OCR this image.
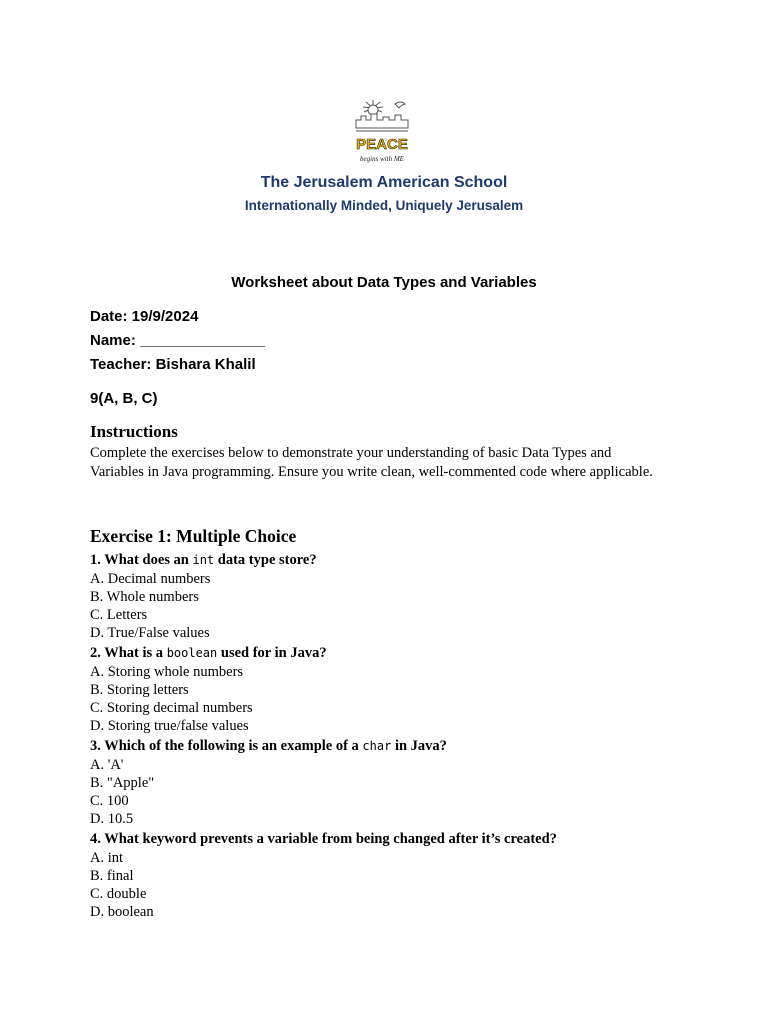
PEACE
begins with ME
The Jerusalem American School
Internationally Minded, Uniquely Jerusalem
Worksheet about Data Types and Variables
Date: 19/9/2024
Name: _______________
Teacher: Bishara Khalil
9(A, B, C)
Instructions
Complete the exercises below to demonstrate your understanding of basic Data Types and
Variables in Java programming. Ensure you write clean, well-commented code where applicable.
Exercise 1: Multiple Choice
1. What does an int data type store?
A. Decimal numbers
B. Whole numbers
C. Letters
D. True/False values
2. What is a boolean used for in Java?
A. Storing whole numbers
B. Storing letters
C. Storing decimal numbers
D. Storing true/false values
3. Which of the following is an example of a char in Java?
A. 'A'
B. "Apple"
C. 100
D. 10.5
4. What keyword prevents a variable from being changed after it’s created?
A. int
B. final
C. double
D. boolean
